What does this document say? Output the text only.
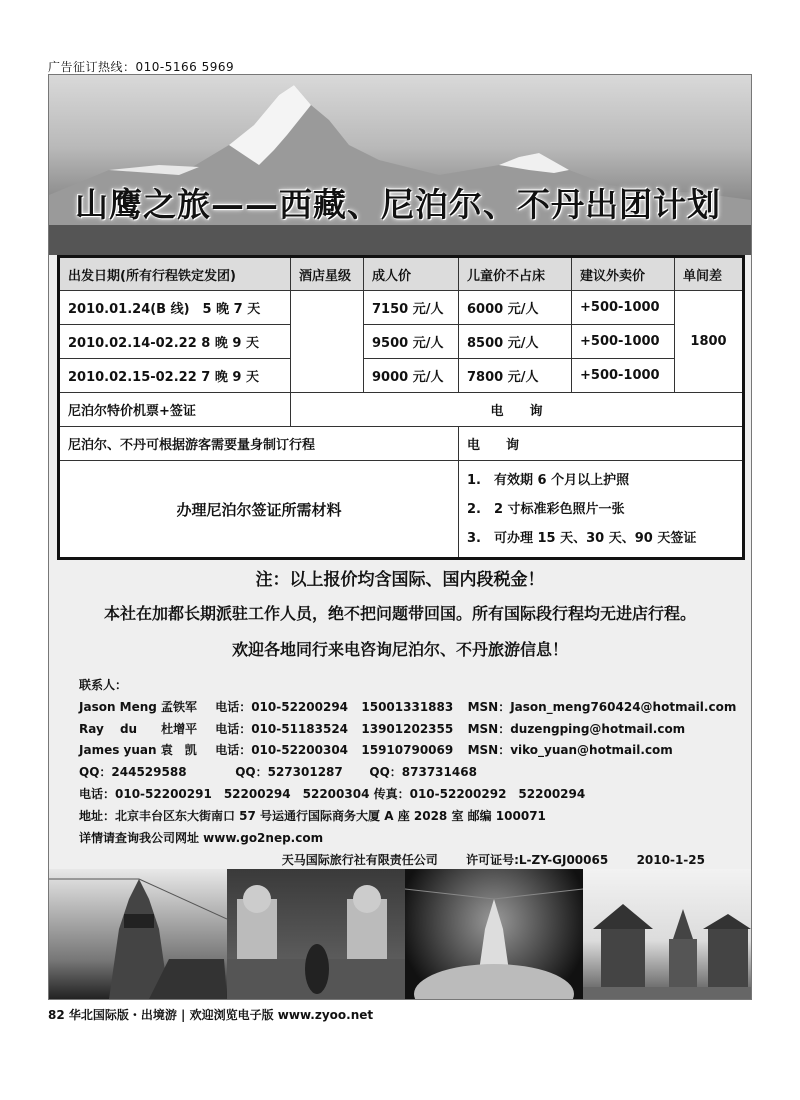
广告征订热线：010-5166 5969
山鹰之旅——西藏、尼泊尔、不丹出团计划
出发日期(所有行程铁定发团)	酒店星级	成人价	儿童价不占床	建议外卖价	单间差
2010.01.24(B 线)　5 晚 7 天		7150 元/人	6000 元/人	+500-1000	1800
2010.02.14-02.22 8 晚 9 天		9500 元/人	8500 元/人	+500-1000	
2010.02.15-02.22 7 晚 9 天		9000 元/人	7800 元/人	+500-1000	
尼泊尔特价机票+签证	电　　询				
尼泊尔、不丹可根据游客需要量身制订行程			电　　询		
办理尼泊尔签证所需材料			1.　有效期 6 个月以上护照
2.　2 寸标准彩色照片一张
3.　可办理 15 天、30 天、90 天签证		
注：以上报价均含国际、国内段税金！
本社在加都长期派驻工作人员，绝不把问题带回国。所有国际段行程均无进店行程。
欢迎各地同行来电咨询尼泊尔、不丹旅游信息！
联系人：
Jason Meng 孟铁军 电话：010-52200294 15001331883 MSN：Jason_meng760424@hotmail.com
Ray　 du　　杜增平 电话：010-51183524 13901202355 MSN：duzengping@hotmail.com
James yuan 袁　凯 电话：010-52200304 15910790069 MSN：viko_yuan@hotmail.com
QQ：244529588	QQ：527301287 QQ：873731468
电话：010-52200291　52200294　52200304 传真：010-52200292　52200294
地址：北京丰台区东大街南口 57 号运通行国际商务大厦 A 座 2028 室 邮编 100071
详情请查询我公司网址 www.go2nep.com
天马国际旅行社有限责任公司 许可证号:L-ZY-GJ00065 2010-1-25
82 华北国际版・出境游 | 欢迎浏览电子版 www.zyoo.net
